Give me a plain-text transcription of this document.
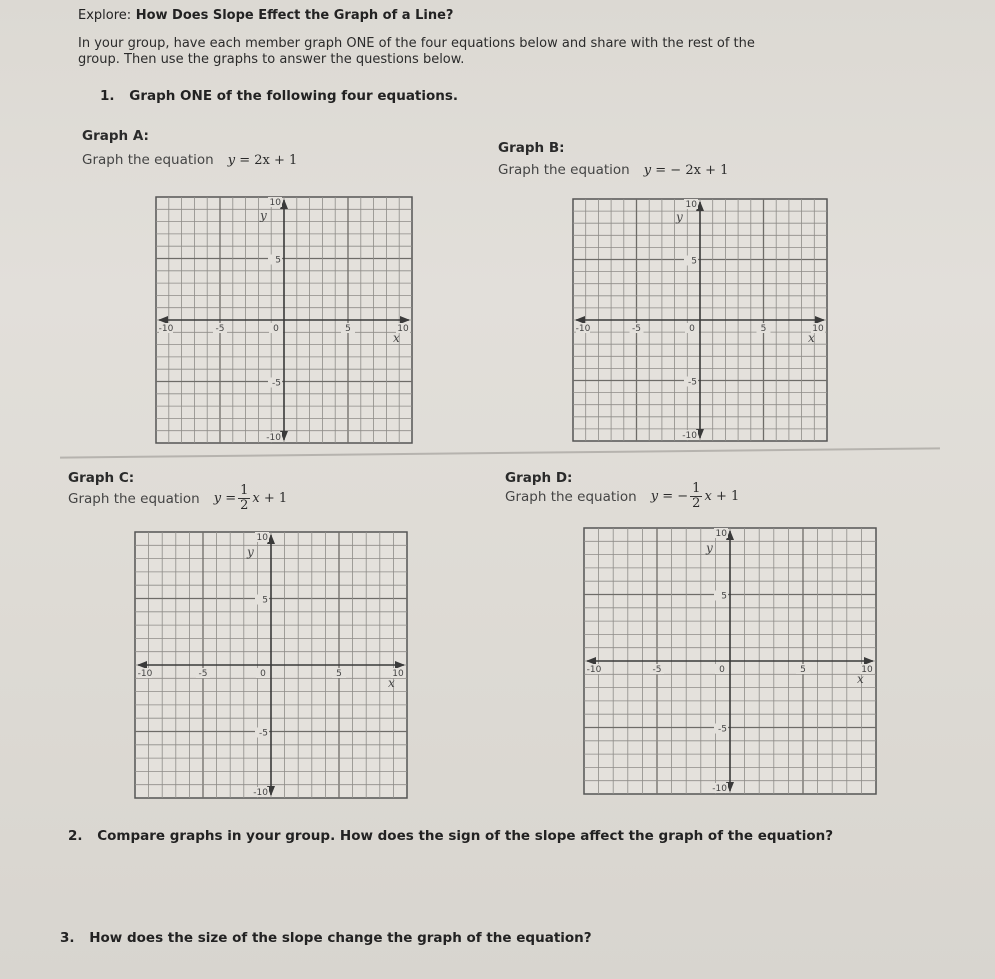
Explore: How Does Slope Effect the Graph of a Line?
In your group, have each member graph ONE of the four equations below and share with the rest of the
group. Then use the graphs to answer the questions below.
1. Graph ONE of the following four equations.
Graph A:
Graph the equation y
=
2x
+ 1
Graph B:
Graph the equation y
=
−
2x
+ 1
-10	-5	0	5	10
10
5
-5
-10
y
x
-10	-5	0	5	10
10
5
-5
-10
y
x
Graph C:
Graph the equation y
= $\frac{1}{2}$ x
+ 1
Graph D:
Graph the equation y
=
− $\frac{1}{2}$ x
+ 1
-10	-5	0	5	10
10
5
-5
-10
y
x
-10	-5	0	5	10
10
5
-5
-10
y
x
2. Compare graphs in your group. How does the sign of the slope affect the graph of the equation?
3. How does the size of the slope change the graph of the equation?
